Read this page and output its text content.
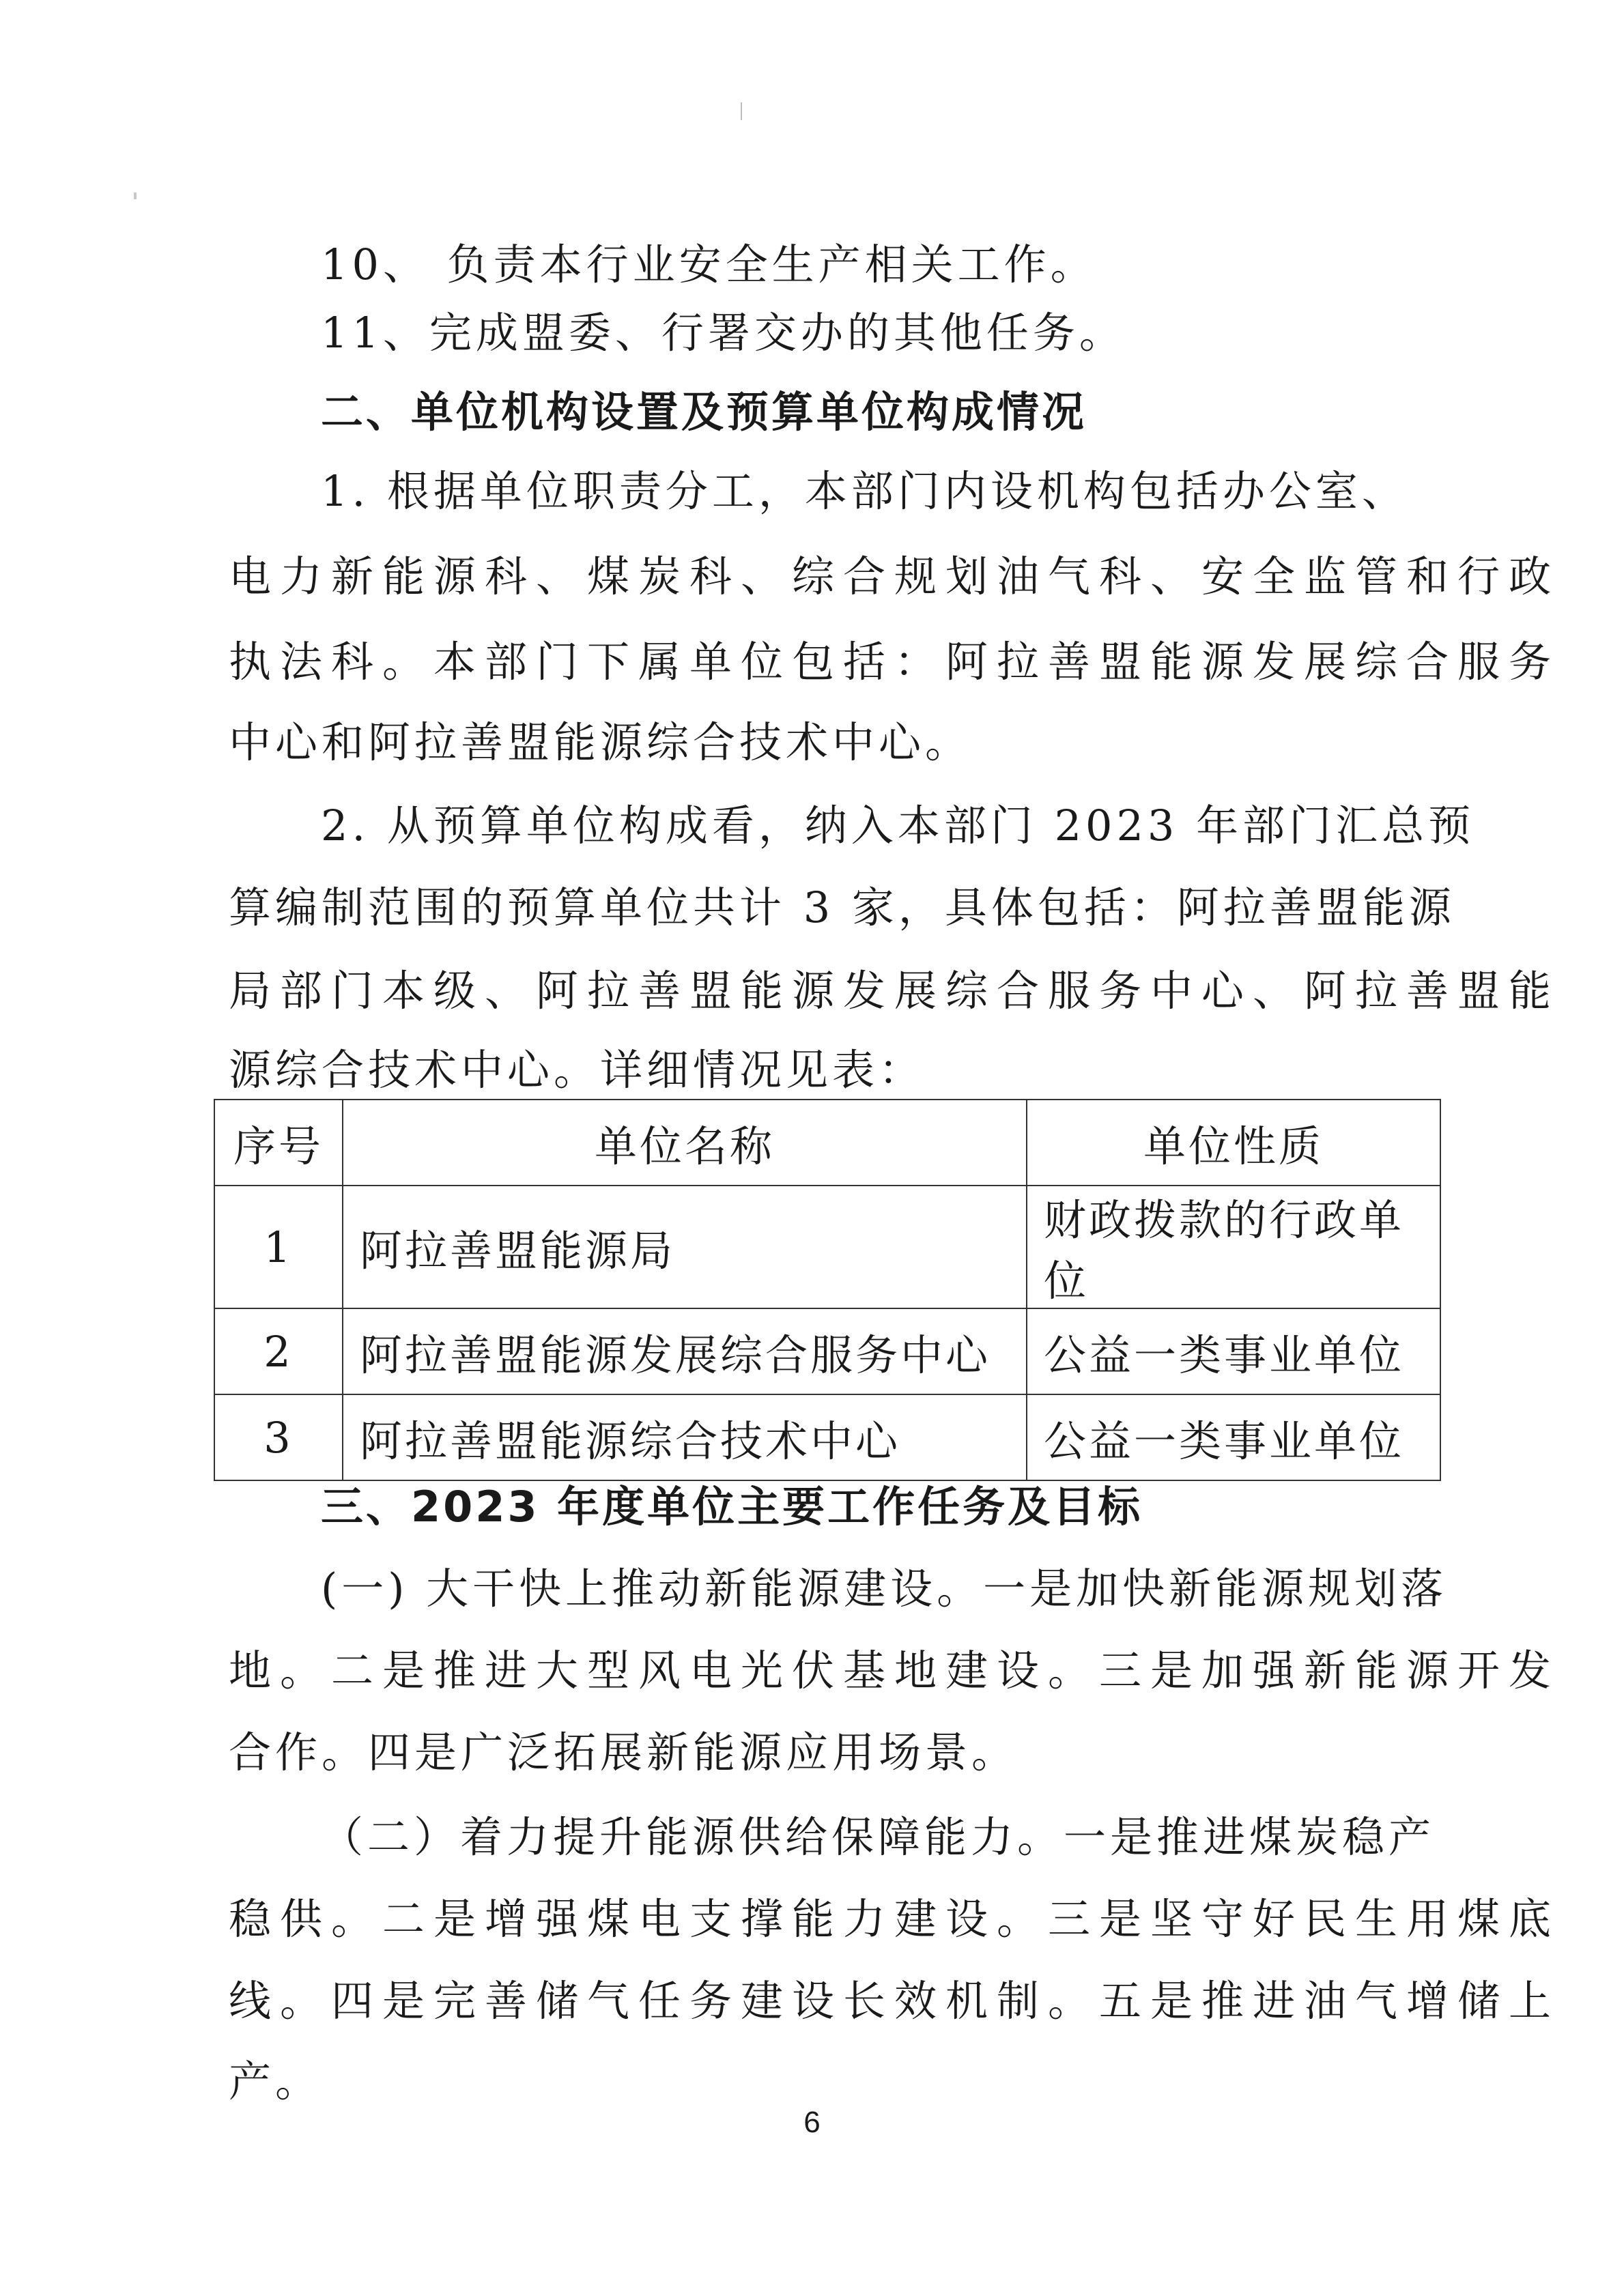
10、 负责本行业安全生产相关工作。
11、完成盟委、行署交办的其他任务。
二、单位机构设置及预算单位构成情况
1. 根据单位职责分工，本部门内设机构包括办公室、
电力新能源科、煤炭科、综合规划油气科、安全监管和行政
执法科。本部门下属单位包括：阿拉善盟能源发展综合服务
中心和阿拉善盟能源综合技术中心。
2. 从预算单位构成看，纳入本部门 2023 年部门汇总预
算编制范围的预算单位共计 3 家，具体包括：阿拉善盟能源
局部门本级、阿拉善盟能源发展综合服务中心、阿拉善盟能
源综合技术中心。详细情况见表：
序号	单位名称	单位性质
1	阿拉善盟能源局	财政拨款的行政单位
2	阿拉善盟能源发展综合服务中心	公益一类事业单位
3	阿拉善盟能源综合技术中心	公益一类事业单位
三、2023 年度单位主要工作任务及目标
(一) 大干快上推动新能源建设。一是加快新能源规划落
地。二是推进大型风电光伏基地建设。三是加强新能源开发
合作。四是广泛拓展新能源应用场景。
（二）着力提升能源供给保障能力。一是推进煤炭稳产
稳供。二是增强煤电支撑能力建设。三是坚守好民生用煤底
线。四是完善储气任务建设长效机制。五是推进油气增储上
产。
6
